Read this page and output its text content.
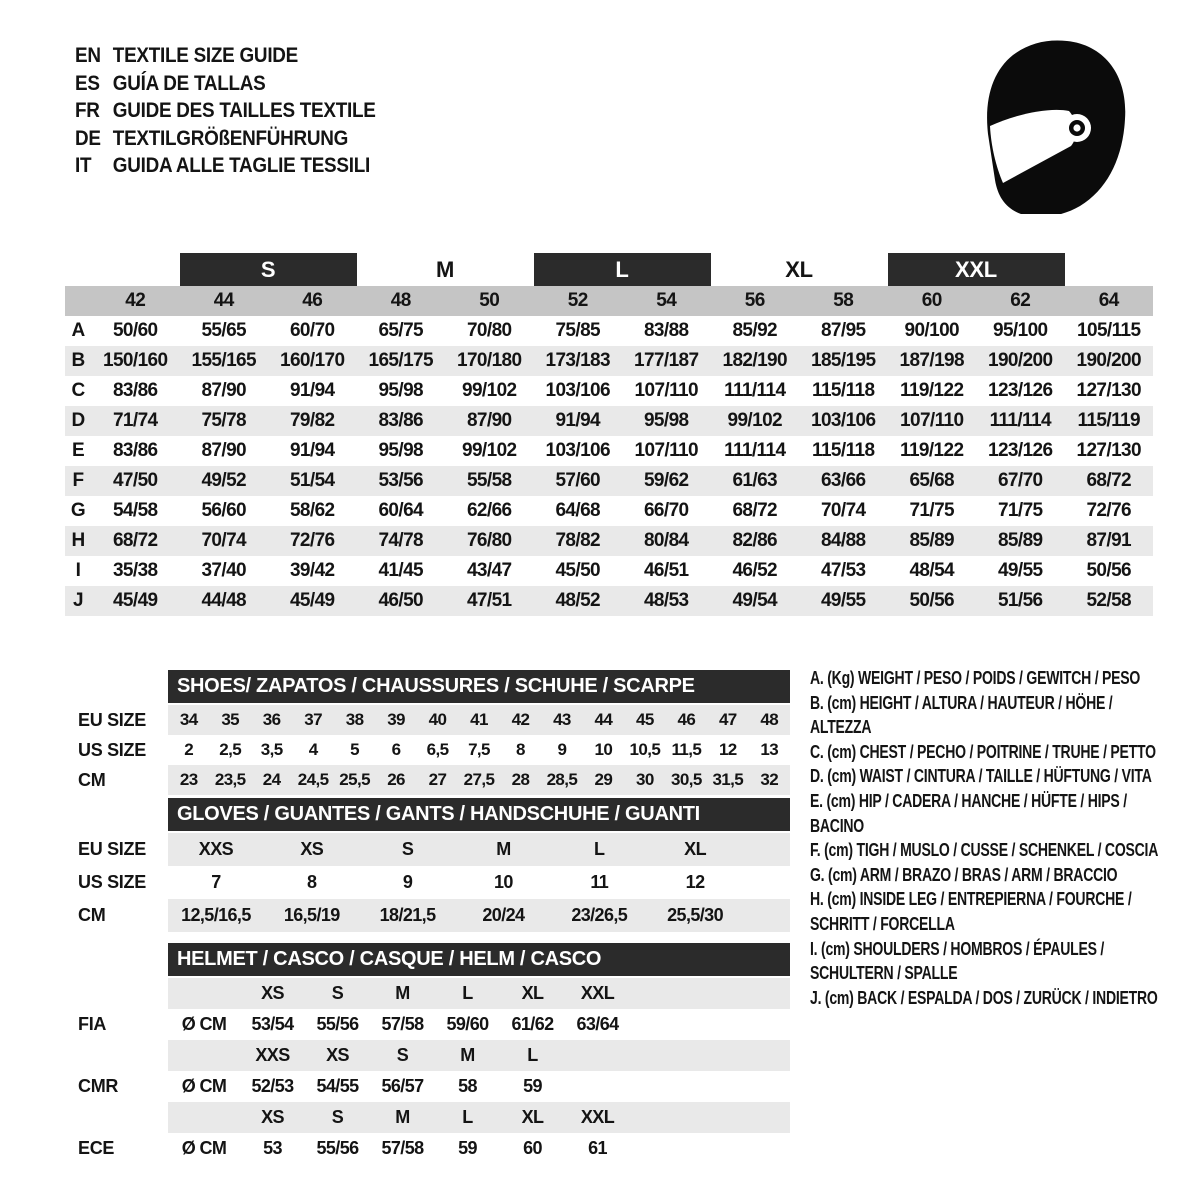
EN TEXTILE SIZE GUIDE
ES GUÍA DE TALLAS
FR GUIDE DES TAILLES TEXTILE
DE TEXTILGRÖßENFÜHRUNG
IT	GUIDA ALLE TAGLIE TESSILI
S	M	L	XL	XXL
42	44	46	48	50	52	54	56	58	60	62	64
A	50/60	55/65	60/70	65/75	70/80	75/85	83/88	85/92	87/95	90/100	95/100	105/115
B 150/160	155/165	160/170	165/175	170/180	173/183	177/187	182/190	185/195	187/198	190/200	190/200
C	83/86	87/90	91/94	95/98	99/102	103/106	107/110	111/114	115/118	119/122	123/126	127/130
D	71/74	75/78	79/82	83/86	87/90	91/94	95/98	99/102	103/106	107/110	111/114	115/119
E	83/86	87/90	91/94	95/98	99/102	103/106	107/110	111/114	115/118	119/122	123/126	127/130
F	47/50	49/52	51/54	53/56	55/58	57/60	59/62	61/63	63/66	65/68	67/70	68/72
G	54/58	56/60	58/62	60/64	62/66	64/68	66/70	68/72	70/74	71/75	71/75	72/76
H	68/72	70/74	72/76	74/78	76/80	78/82	80/84	82/86	84/88	85/89	85/89	87/91
I	35/38	37/40	39/42	41/45	43/47	45/50	46/51	46/52	47/53	48/54	49/55	50/56
J	45/49	44/48	45/49	46/50	47/51	48/52	48/53	49/54	49/55	50/56	51/56	52/58
SHOES/ ZAPATOS / CHAUSSURES / SCHUHE / SCARPE
EU SIZE	34	35	36	37	38	39	40	41	42	43	44	45	46	47	48
US SIZE	2	2,5	3,5	4	5	6	6,5	7,5	8	9	10	10,5 11,5	12	13
CM	23	23,5	24	24,5 25,5	26	27	27,5	28	28,5	29	30	30,5 31,5	32
GLOVES / GUANTES / GANTS / HANDSCHUHE / GUANTI
EU SIZE	XXS	XS	S	M	L	XL
US SIZE	7	8	9	10	11	12
CM	12,5/16,5	16,5/19	18/21,5	20/24	23/26,5	25,5/30
HELMET / CASCO / CASQUE / HELM / CASCO
XS	S	M	L	XL	XXL
FIA	Ø CM	53/54	55/56	57/58	59/60	61/62	63/64
XXS	XS	S	M	L
CMR	Ø CM	52/53	54/55	56/57	58	59
XS	S	M	L	XL	XXL
ECE	Ø CM	53	55/56	57/58	59	60	61
A. (Kg) WEIGHT / PESO / POIDS / GEWITCH / PESO
B. (cm) HEIGHT / ALTURA / HAUTEUR / HÖHE / ALTEZZA
C. (cm) CHEST / PECHO / POITRINE / TRUHE / PETTO
D. (cm) WAIST / CINTURA / TAILLE / HÜFTUNG / VITA
E. (cm) HIP / CADERA / HANCHE / HÜFTE / HIPS / BACINO
F. (cm) TIGH / MUSLO / CUSSE / SCHENKEL / COSCIA
G. (cm) ARM / BRAZO / BRAS / ARM / BRACCIO
H. (cm) INSIDE LEG / ENTREPIERNA / FOURCHE / SCHRITT / FORCELLA
I. (cm) SHOULDERS / HOMBROS / ÉPAULES / SCHULTERN / SPALLE
J. (cm) BACK / ESPALDA / DOS / ZURÜCK / INDIETRO
